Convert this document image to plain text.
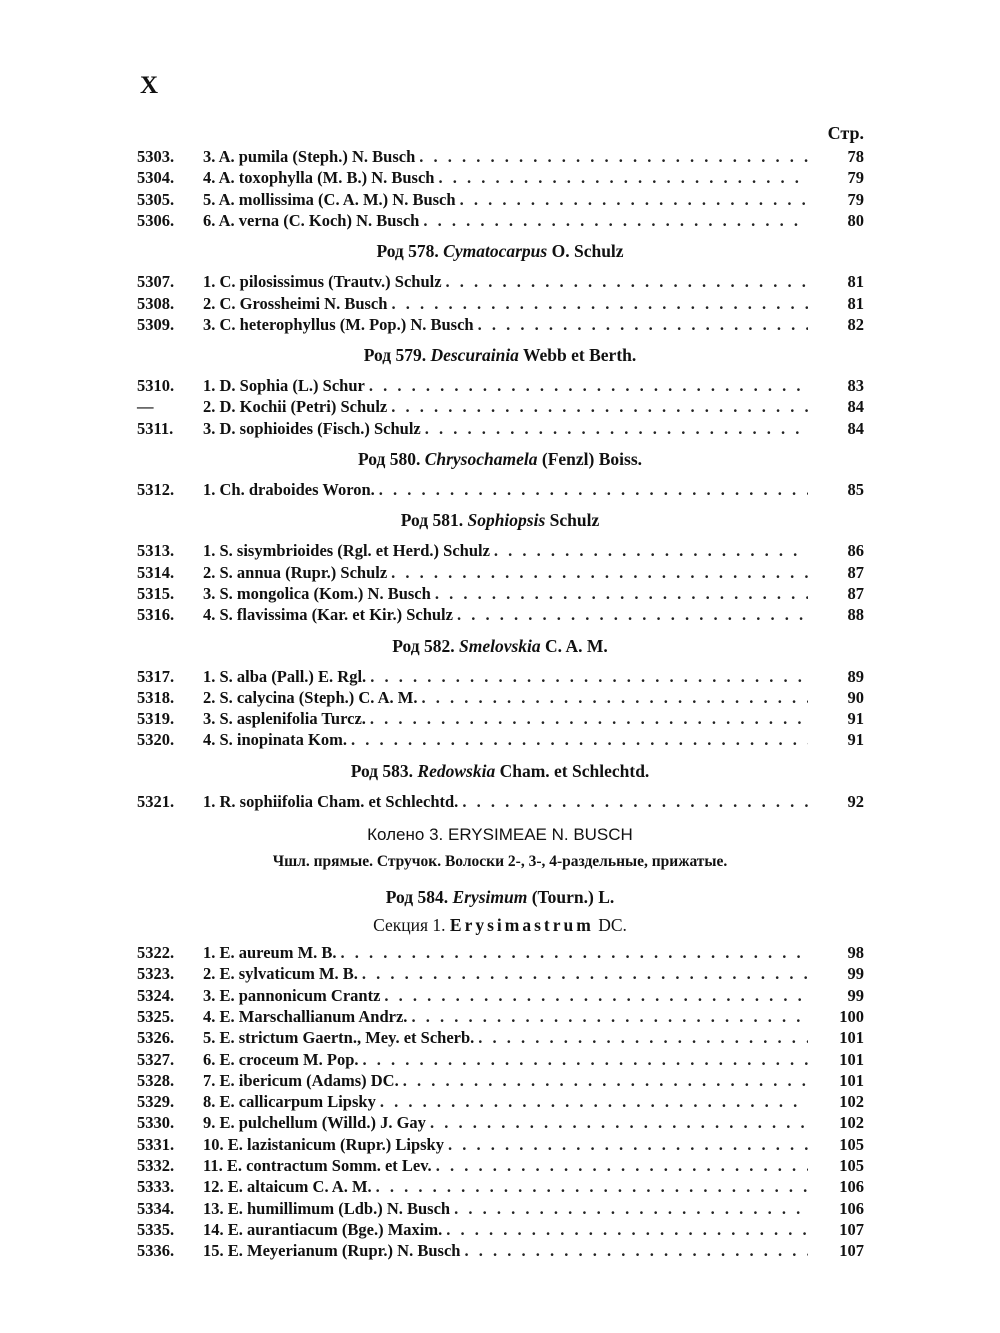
X
Стр.
5303.	3. A. pumila (Steph.) N. Busch . . .	78
5304.	4. A. toxophylla (M. B.) N. Busch . . .	79
5305.	5. A. mollissima (C. A. M.) N. Busch . . .	79
5306.	6. A. verna (C. Koch) N. Busch . . .	80
Род 578. Cymatocarpus O. Schulz
5307.	1. C. pilosissimus (Trautv.) Schulz . . .	81
5308.	2. C. Grossheimi N. Busch . . .	81
5309.	3. C. heterophyllus (M. Pop.) N. Busch . . .	82
Род 579. Descurainia Webb et Berth.
5310.	1. D. Sophia (L.) Schur . . .	83
—	2. D. Kochii (Petri) Schulz . . .	84
5311.	3. D. sophioides (Fisch.) Schulz . . .	84
Род 580. Chrysochamela (Fenzl) Boiss.
5312.	1. Ch. draboides Woron. . . .	85
Род 581. Sophiopsis Schulz
5313.	1. S. sisymbrioides (Rgl. et Herd.) Schulz . . .	86
5314.	2. S. annua (Rupr.) Schulz . . .	87
5315.	3. S. mongolica (Kom.) N. Busch . . .	87
5316.	4. S. flavissima (Kar. et Kir.) Schulz . . .	88
Род 582. Smelovskia C. A. M.
5317.	1. S. alba (Pall.) E. Rgl. . . .	89
5318.	2. S. calycina (Steph.) C. A. M. . . .	90
5319.	3. S. asplenifolia Turcz. . . .	91
5320.	4. S. inopinata Kom. . . .	91
Род 583. Redowskia Cham. et Schlechtd.
5321.	1. R. sophiifolia Cham. et Schlechtd. . . .	92
Колено 3. ERYSIMEAE N. BUSCH
Чшл. прямые. Стручок. Волоски 2-, 3-, 4-раздельные, прижатые.
Род 584. Erysimum (Tourn.) L.
Секция 1. Erysimastrum DC.
5322.	1. E. aureum M. B. . . .	98
5323.	2. E. sylvaticum M. B. . . .	99
5324.	3. E. pannonicum Crantz . . .	99
5325.	4. E. Marschallianum Andrz. . . .	100
5326.	5. E. strictum Gaertn., Mey. et Scherb. . . .	101
5327.	6. E. croceum M. Pop. . . .	101
5328.	7. E. ibericum (Adams) DC. . . .	101
5329.	8. E. callicarpum Lipsky . . .	102
5330.	9. E. pulchellum (Willd.) J. Gay . . .	102
5331.	10. E. lazistanicum (Rupr.) Lipsky . . .	105
5332.	11. E. contractum Somm. et Lev. . . .	105
5333.	12. E. altaicum C. A. M. . . .	106
5334.	13. E. humillimum (Ldb.) N. Busch . . .	106
5335.	14. E. aurantiacum (Bge.) Maxim. . . .	107
5336.	15. E. Meyerianum (Rupr.) N. Busch . . .	107
